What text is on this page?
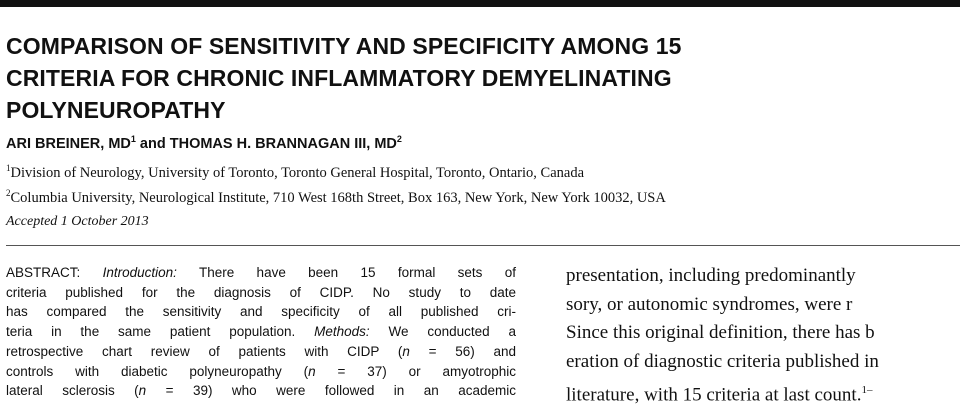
COMPARISON OF SENSITIVITY AND SPECIFICITY AMONG 15
CRITERIA FOR CHRONIC INFLAMMATORY DEMYELINATING
POLYNEUROPATHY
ARI BREINER, $MD^1$ and THOMAS H. BRANNAGAN III, $MD^2$
$^1$Division of Neurology, University of Toronto, Toronto General Hospital, Toronto, Ontario, Canada
$^2$Columbia University, Neurological Institute, 710 West 168th Street, Box 163, New York, New York 10032, USA
Accepted 1 October 2013
ABSTRACT: Introduction: There have been 15 formal sets of
criteria published for the diagnosis of CIDP. No study to date
has compared the sensitivity and specificity of all published cri-
teria in the same patient population. Methods: We conducted a
retrospective chart review of patients with CIDP (n = 56) and
controls with diabetic polyneuropathy (n = 37) or amyotrophic
lateral sclerosis (n = 39) who were followed in an academic
presentation, including predominantly
sory, or autonomic syndromes, were r
Since this original definition, there has b
eration of diagnostic criteria published in
literature, with 15 criteria at last count.$^{1-}$
